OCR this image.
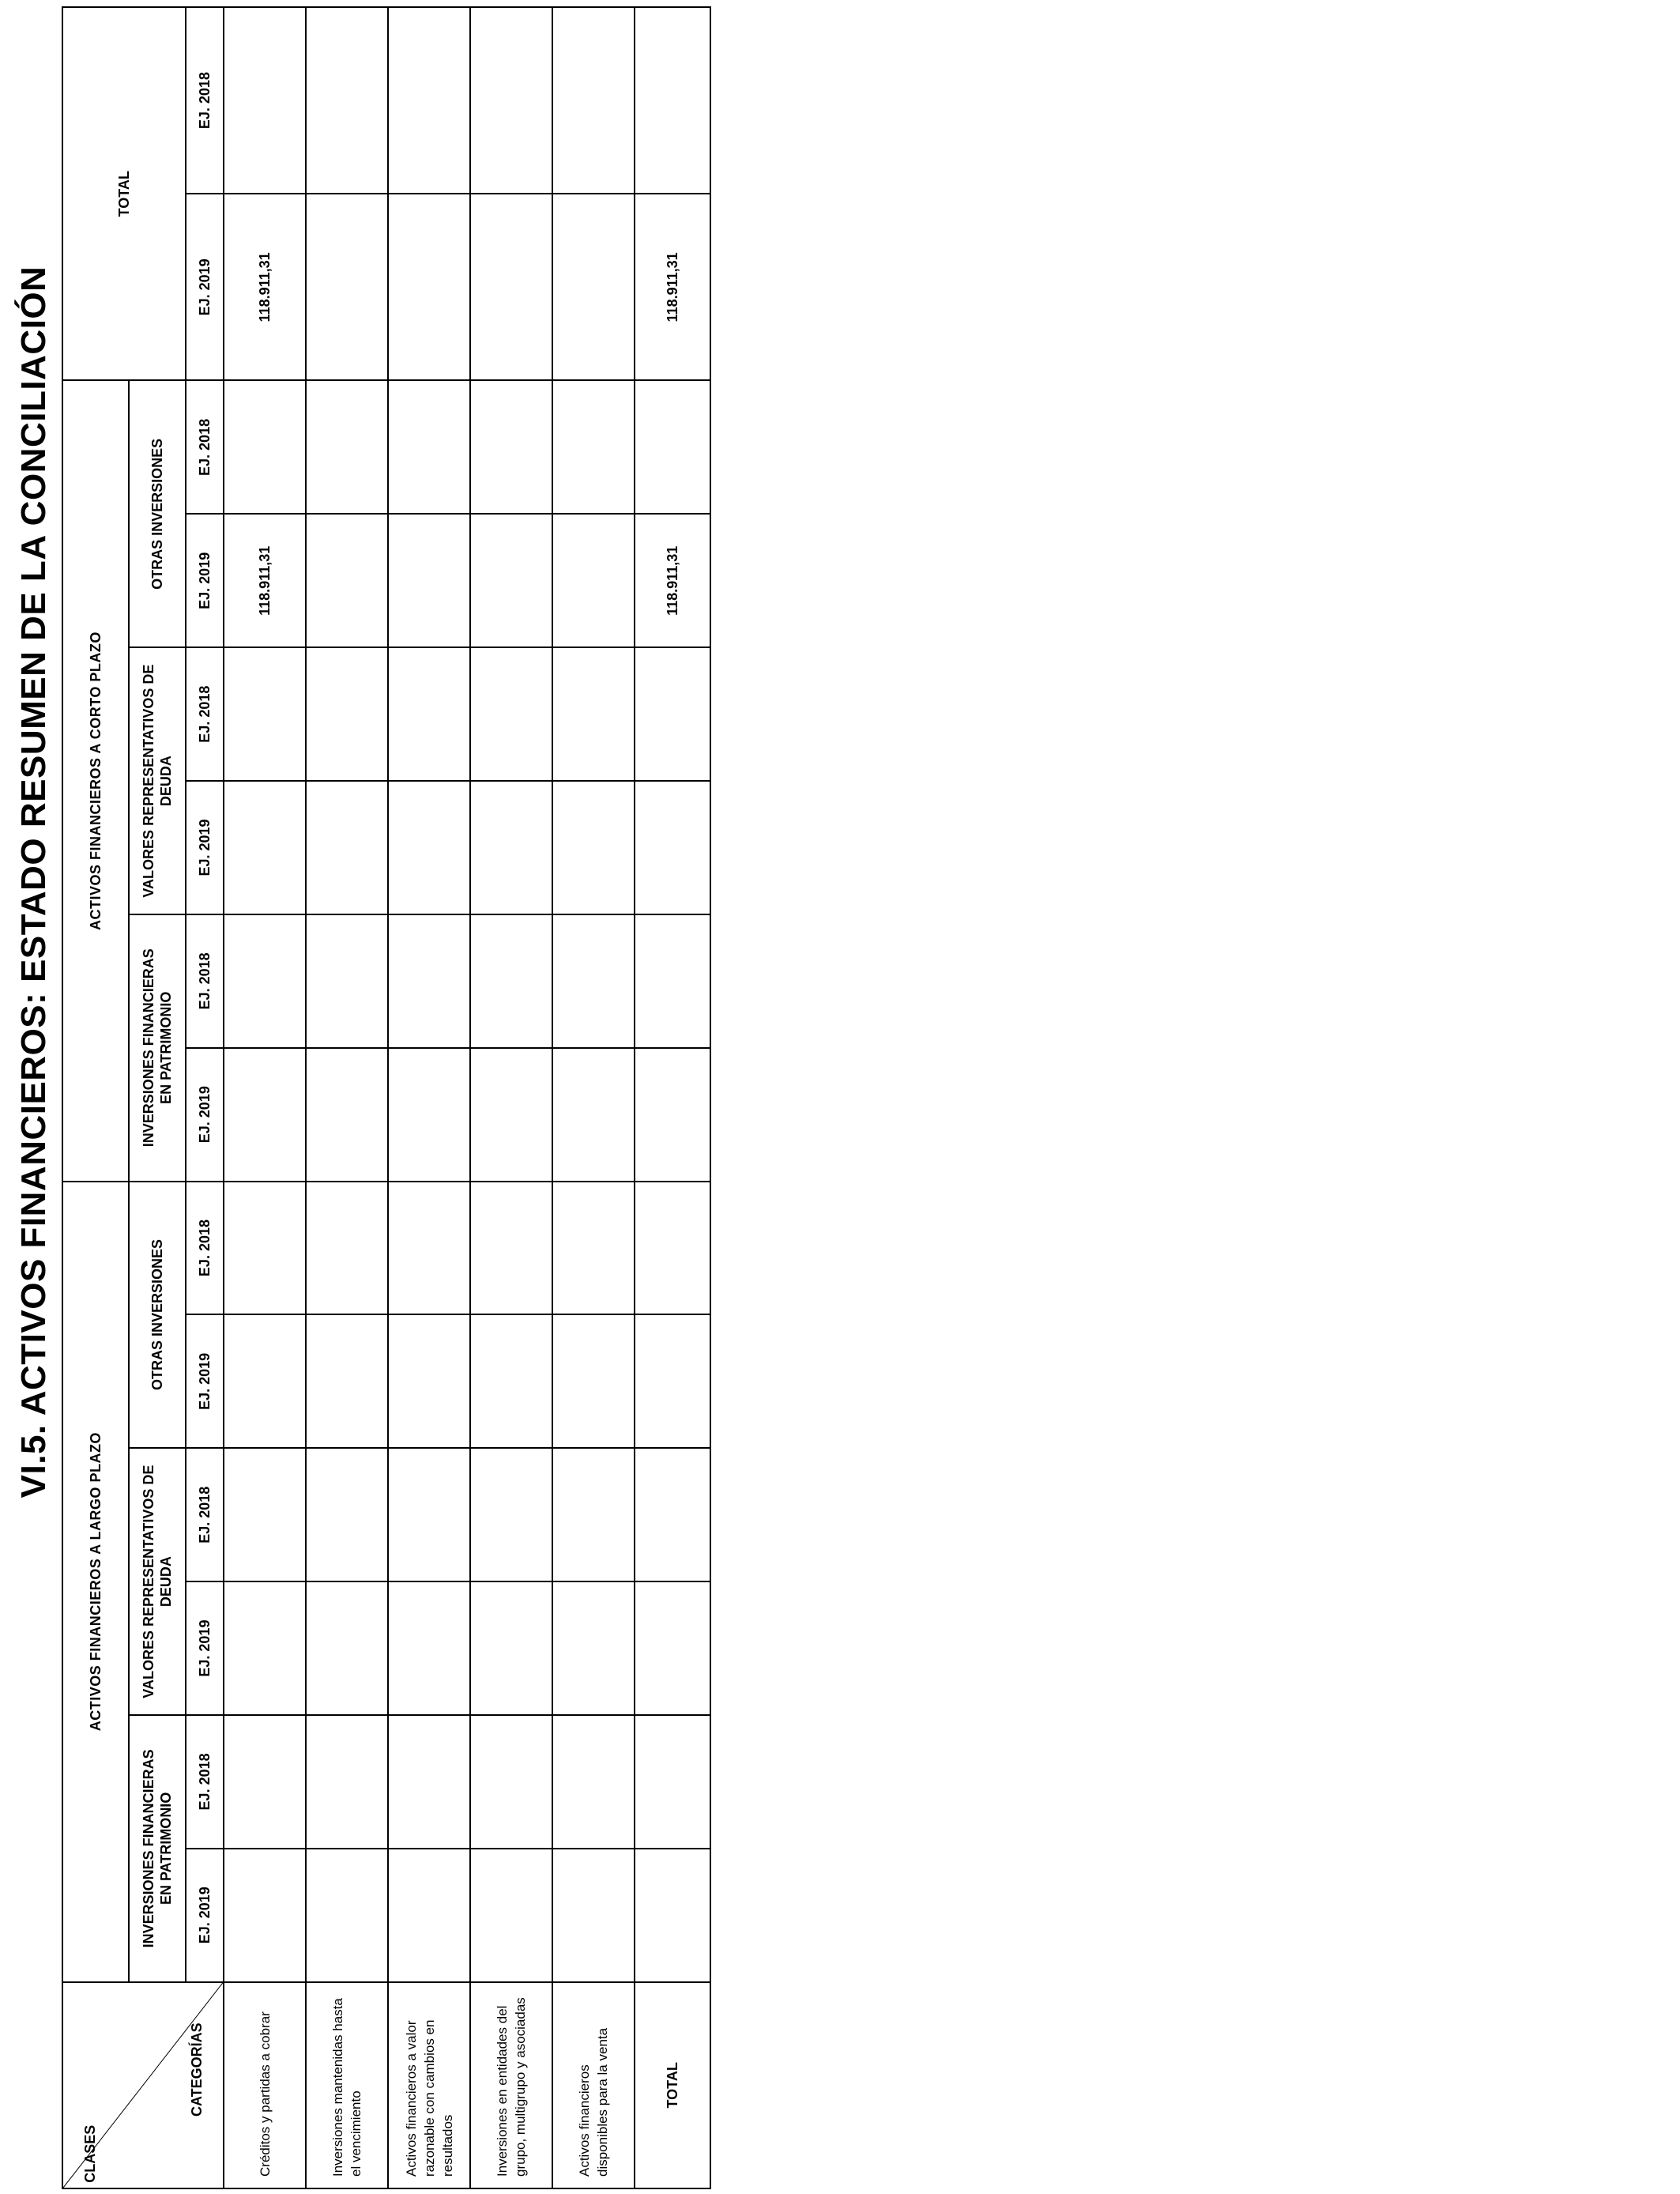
VI.5. ACTIVOS FINANCIEROS: ESTADO RESUMEN DE LA CONCILIACIÓN
CLASES
CATEGORÍAS	ACTIVOS FINANCIEROS A LARGO PLAZO						ACTIVOS FINANCIEROS A CORTO PLAZO						TOTAL	
	INVERSIONES FINANCIERAS EN PATRIMONIO		VALORES REPRESENTATIVOS DE DEUDA		OTRAS INVERSIONES		INVERSIONES FINANCIERAS EN PATRIMONIO		VALORES REPRESENTATIVOS DE DEUDA		OTRAS INVERSIONES			
	EJ. 2019	EJ. 2018	EJ. 2019	EJ. 2018	EJ. 2019	EJ. 2018	EJ. 2019	EJ. 2018	EJ. 2019	EJ. 2018	EJ. 2019	EJ. 2018	EJ. 2019	EJ. 2018
Créditos y partidas a cobrar											118.911,31		118.911,31	
Inversiones mantenidas hasta el vencimiento														
Activos financieros a valor razonable con cambios en resultados														
Inversiones en entidades del grupo, multigrupo y asociadas														
Activos financieros disponibles para la venta														
TOTAL											118.911,31		118.911,31	
